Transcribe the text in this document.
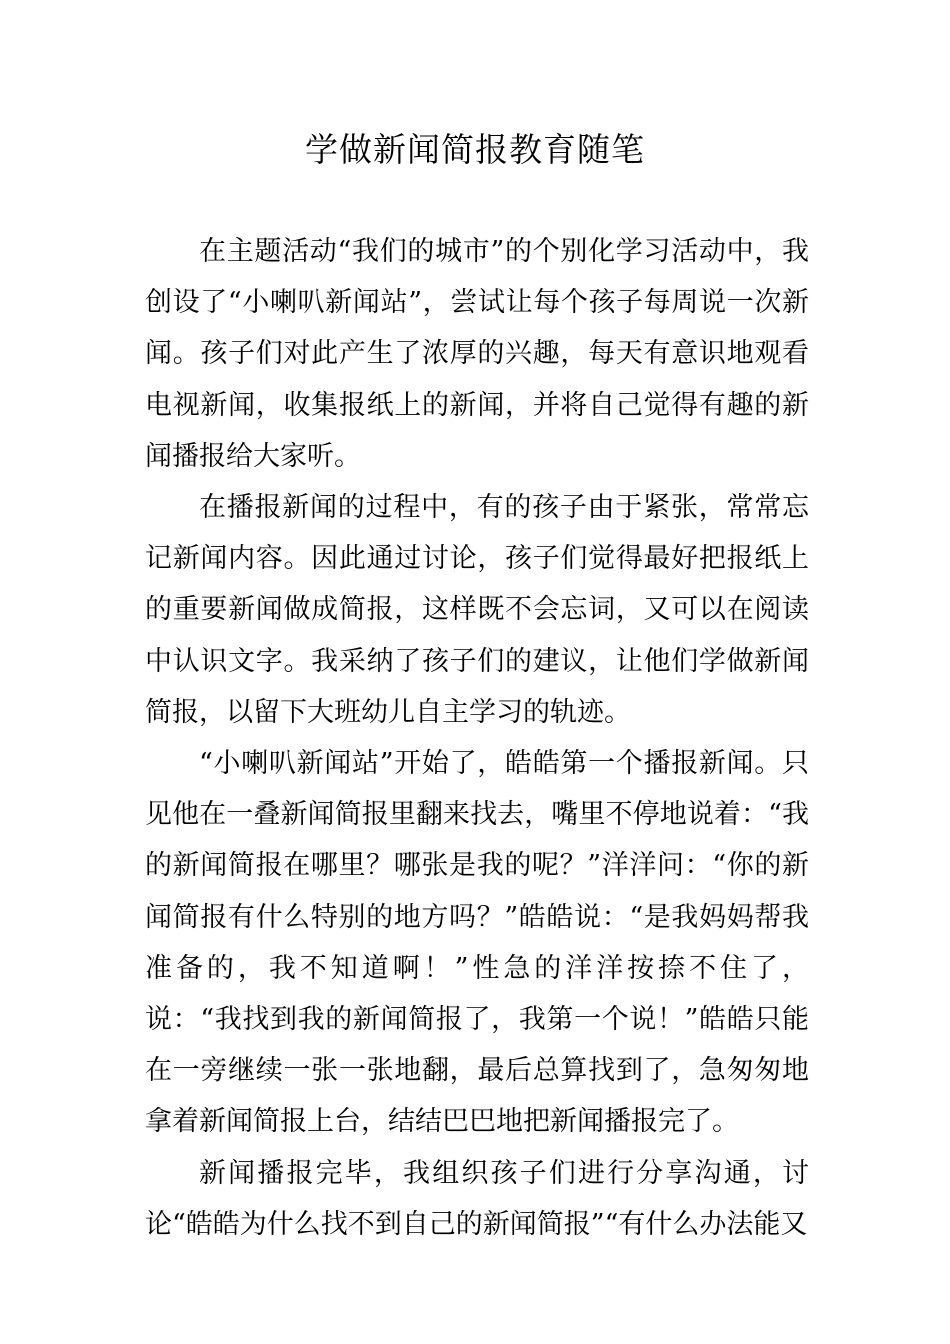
学做新闻简报教育随笔

在主题活动“我们的城市”的个别化学习活动中，我创设了“小喇叭新闻站”，尝试让每个孩子每周说一次新闻。孩子们对此产生了浓厚的兴趣，每天有意识地观看电视新闻，收集报纸上的新闻，并将自己觉得有趣的新闻播报给大家听。

在播报新闻的过程中，有的孩子由于紧张，常常忘记新闻内容。因此通过讨论，孩子们觉得最好把报纸上的重要新闻做成简报，这样既不会忘词，又可以在阅读中认识文字。我采纳了孩子们的建议，让他们学做新闻简报，以留下大班幼儿自主学习的轨迹。

“小喇叭新闻站”开始了，皓皓第一个播报新闻。只见他在一叠新闻简报里翻来找去，嘴里不停地说着：“我的新闻简报在哪里？哪张是我的呢？”洋洋问：“你的新闻简报有什么特别的地方吗？”皓皓说：“是我妈妈帮我准备的，我不知道啊！”性急的洋洋按捺不住了，说：“我找到我的新闻简报了，我第一个说！”皓皓只能在一旁继续一张一张地翻，最后总算找到了，急匆匆地拿着新闻简报上台，结结巴巴地把新闻播报完了。

新闻播报完毕，我组织孩子们进行分享沟通，讨论“皓皓为什么找不到自己的新闻简报”“有什么办法能又
